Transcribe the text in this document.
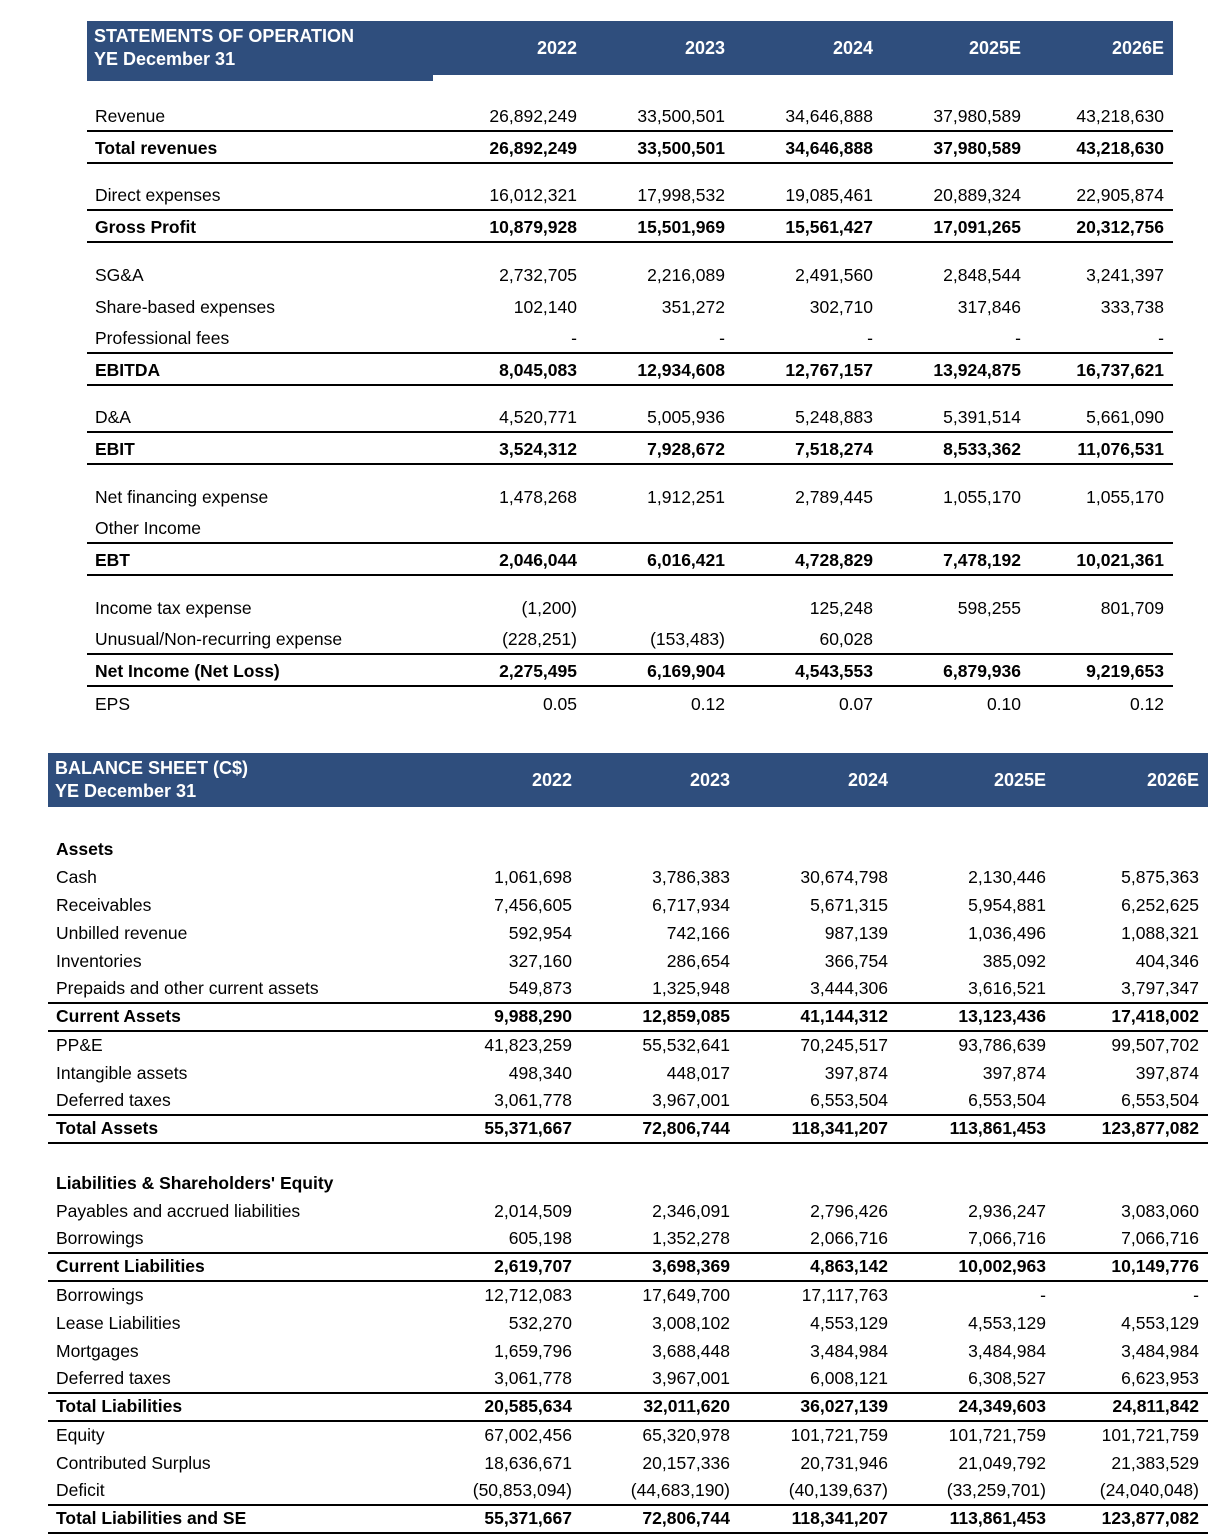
STATEMENTS OF OPERATION
YE December 31
2022	2023	2024	2025E	2026E
Revenue	26,892,249	33,500,501	34,646,888	37,980,589	43,218,630
Total revenues	26,892,249	33,500,501	34,646,888	37,980,589	43,218,630

Direct expenses	16,012,321	17,998,532	19,085,461	20,889,324	22,905,874
Gross Profit	10,879,928	15,501,969	15,561,427	17,091,265	20,312,756

SG&A	2,732,705	2,216,089	2,491,560	2,848,544	3,241,397
Share-based expenses	102,140	351,272	302,710	317,846	333,738
Professional fees	-	-	-	-	-
EBITDA	8,045,083	12,934,608	12,767,157	13,924,875	16,737,621

D&A	4,520,771	5,005,936	5,248,883	5,391,514	5,661,090
EBIT	3,524,312	7,928,672	7,518,274	8,533,362	11,076,531

Net financing expense	1,478,268	1,912,251	2,789,445	1,055,170	1,055,170
Other Income					
EBT	2,046,044	6,016,421	4,728,829	7,478,192	10,021,361

Income tax expense	(1,200)		125,248	598,255	801,709
Unusual/Non-recurring expense	(228,251)	(153,483)	60,028		
Net Income (Net Loss)	2,275,495	6,169,904	4,543,553	6,879,936	9,219,653
EPS	0.05	0.12	0.07	0.10	0.12
BALANCE SHEET (C$)
YE December 31
2022	2023	2024	2025E	2026E
Assets					
Cash	1,061,698	3,786,383	30,674,798	2,130,446	5,875,363
Receivables	7,456,605	6,717,934	5,671,315	5,954,881	6,252,625
Unbilled revenue	592,954	742,166	987,139	1,036,496	1,088,321
Inventories	327,160	286,654	366,754	385,092	404,346
Prepaids and other current assets	549,873	1,325,948	3,444,306	3,616,521	3,797,347
Current Assets	9,988,290	12,859,085	41,144,312	13,123,436	17,418,002
PP&E	41,823,259	55,532,641	70,245,517	93,786,639	99,507,702
Intangible assets	498,340	448,017	397,874	397,874	397,874
Deferred taxes	3,061,778	3,967,001	6,553,504	6,553,504	6,553,504
Total Assets	55,371,667	72,806,744	118,341,207	113,861,453	123,877,082

Liabilities & Shareholders' Equity					
Payables and accrued liabilities	2,014,509	2,346,091	2,796,426	2,936,247	3,083,060
Borrowings	605,198	1,352,278	2,066,716	7,066,716	7,066,716
Current Liabilities	2,619,707	3,698,369	4,863,142	10,002,963	10,149,776
Borrowings	12,712,083	17,649,700	17,117,763	-	-
Lease Liabilities	532,270	3,008,102	4,553,129	4,553,129	4,553,129
Mortgages	1,659,796	3,688,448	3,484,984	3,484,984	3,484,984
Deferred taxes	3,061,778	3,967,001	6,008,121	6,308,527	6,623,953
Total Liabilities	20,585,634	32,011,620	36,027,139	24,349,603	24,811,842
Equity	67,002,456	65,320,978	101,721,759	101,721,759	101,721,759
Contributed Surplus	18,636,671	20,157,336	20,731,946	21,049,792	21,383,529
Deficit	(50,853,094)	(44,683,190)	(40,139,637)	(33,259,701)	(24,040,048)
Total Liabilities and SE	55,371,667	72,806,744	118,341,207	113,861,453	123,877,082
